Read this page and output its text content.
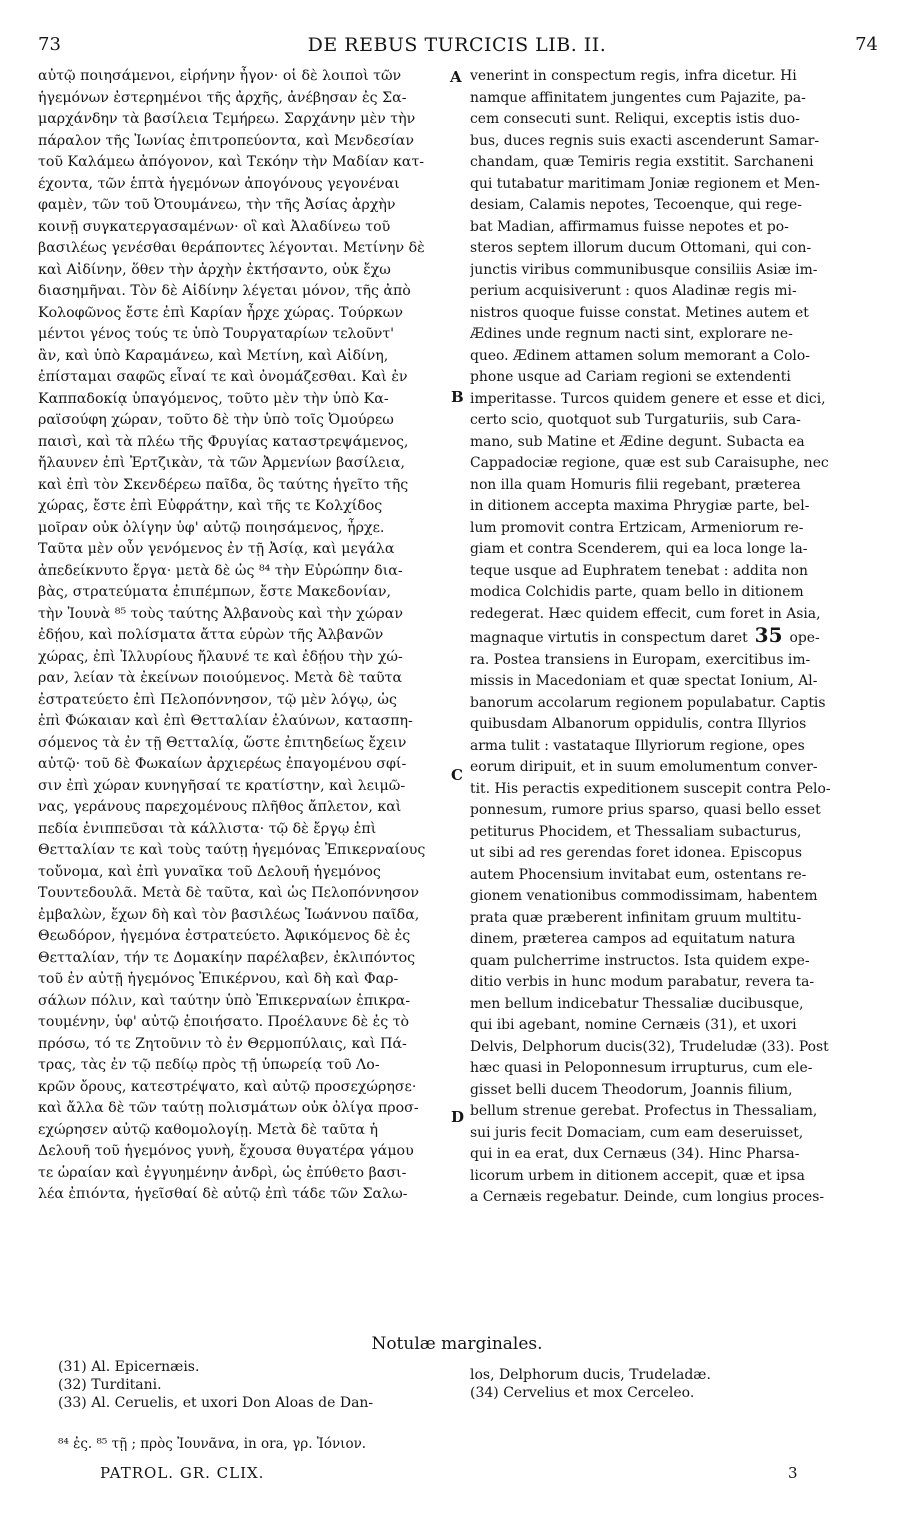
73	DE REBUS TURCICIS LIB. II.	74
A
B
C
D
αὐτῷ ποιησάμενοι, εἰρήνην ἦγον· οἱ δὲ λοιποὶ τῶν
ἡγεμόνων ἐστερημένοι τῆς ἀρχῆς, ἀνέβησαν ἐς Σα-
μαρχάνδην τὰ βασίλεια Τεμήρεω. Σαρχάνην μὲν τὴν
πάραλον τῆς Ἰωνίας ἐπιτροπεύοντα, καὶ Μενδεσίαν
τοῦ Καλάμεω ἀπόγονον, καὶ Τεκόην τὴν Μαδίαν κατ-
έχοντα, τῶν ἑπτὰ ἡγεμόνων ἀπογόνους γεγονέναι
φαμὲν, τῶν τοῦ Ὀτουμάνεω, τὴν τῆς Ἀσίας ἀρχὴν
κοινῇ συγκατεργασαμένων· οἳ καὶ Ἀλαδίνεω τοῦ
βασιλέως γενέσθαι θεράποντες λέγονται. Μετίνην δὲ
καὶ Αἰδίνην, ὅθεν τὴν ἀρχὴν ἐκτήσαντο, οὐκ ἔχω
διασημῆναι. Τὸν δὲ Αἰδίνην λέγεται μόνον, τῆς ἀπὸ
Κολοφῶνος ἔστε ἐπὶ Καρίαν ἦρχε χώρας. Τούρκων
μέντοι γένος τούς τε ὑπὸ Τουργαταρίων τελοῦντ'
ἂν, καὶ ὑπὸ Καραμάνεω, καὶ Μετίνη, καὶ Αἰδίνη,
ἐπίσταμαι σαφῶς εἶναί τε καὶ ὀνομάζεσθαι. Καὶ ἐν
Καππαδοκίᾳ ὑπαγόμενος, τοῦτο μὲν τὴν ὑπὸ Κα-
ραϊσούφη χώραν, τοῦτο δὲ τὴν ὑπὸ τοῖς Ὀμούρεω
παισὶ, καὶ τὰ πλέω τῆς Φρυγίας καταστρεψάμενος,
ἤλαυνεν ἐπὶ Ἐρτζικὰν, τὰ τῶν Ἀρμενίων βασίλεια,
καὶ ἐπὶ τὸν Σκενδέρεω παῖδα, ὃς ταύτης ἡγεῖτο τῆς
χώρας, ἔστε ἐπὶ Εὐφράτην, καὶ τῆς τε Κολχίδος
μοῖραν οὐκ ὀλίγην ὑφ' αὐτῷ ποιησάμενος, ἦρχε.
Ταῦτα μὲν οὖν γενόμενος ἐν τῇ Ἀσίᾳ, καὶ μεγάλα
ἀπεδείκνυτο ἔργα· μετὰ δὲ ὡς ⁸⁴ τὴν Εὐρώπην δια-
βὰς, στρατεύματα ἐπιπέμπων, ἔστε Μακεδονίαν,
τὴν Ἰουνὰ ⁸⁵ τοὺς ταύτης Ἀλβανοὺς καὶ τὴν χώραν
ἐδῄου, καὶ πολίσματα ἄττα εὑρὼν τῆς Ἀλβανῶν
χώρας, ἐπὶ Ἰλλυρίους ἤλαυνέ τε καὶ ἐδῄου τὴν χώ-
ραν, λείαν τὰ ἐκείνων ποιούμενος. Μετὰ δὲ ταῦτα
ἐστρατεύετο ἐπὶ Πελοπόννησον, τῷ μὲν λόγῳ, ὡς
ἐπὶ Φώκαιαν καὶ ἐπὶ Θετταλίαν ἐλαύνων, κατασπη-
σόμενος τὰ ἐν τῇ Θετταλίᾳ, ὥστε ἐπιτηδείως ἔχειν
αὐτῷ· τοῦ δὲ Φωκαίων ἀρχιερέως ἐπαγομένου σφί-
σιν ἐπὶ χώραν κυνηγῆσαί τε κρατίστην, καὶ λειμῶ-
νας, γεράνους παρεχομένους πλῆθος ἄπλετον, καὶ
πεδία ἐνιππεῦσαι τὰ κάλλιστα· τῷ δὲ ἔργῳ ἐπὶ
Θετταλίαν τε καὶ τοὺς ταύτῃ ἡγεμόνας Ἐπικερναίους
τοὔνομα, καὶ ἐπὶ γυναῖκα τοῦ Δελουῆ ἡγεμόνος
Τουντεδουλᾶ. Μετὰ δὲ ταῦτα, καὶ ὡς Πελοπόννησον
ἐμβαλὼν, ἔχων δὴ καὶ τὸν βασιλέως Ἰωάννου παῖδα,
Θεωδόρον, ἡγεμόνα ἐστρατεύετο. Ἀφικόμενος δὲ ἐς
Θετταλίαν, τήν τε Δομακίην παρέλαβεν, ἐκλιπόντος
τοῦ ἐν αὐτῇ ἡγεμόνος Ἐπικέρνου, καὶ δὴ καὶ Φαρ-
σάλων πόλιν, καὶ ταύτην ὑπὸ Ἐπικερναίων ἐπικρα-
τουμένην, ὑφ' αὐτῷ ἐποιήσατο. Προέλαυνε δὲ ἐς τὸ
πρόσω, τό τε Ζητοῦνιν τὸ ἐν Θερμοπύλαις, καὶ Πά-
τρας, τὰς ἐν τῷ πεδίῳ πρὸς τῇ ὑπωρείᾳ τοῦ Λο-
κρῶν ὄρους, κατεστρέψατο, καὶ αὐτῷ προσεχώρησε·
καὶ ἄλλα δὲ τῶν ταύτῃ πολισμάτων οὐκ ὀλίγα προσ-
εχώρησεν αὐτῷ καθομολογίῃ. Μετὰ δὲ ταῦτα ἡ
Δελουῆ τοῦ ἡγεμόνος γυνὴ, ἔχουσα θυγατέρα γάμου
τε ὡραίαν καὶ ἐγγυημένην ἀνδρὶ, ὡς ἐπύθετο βασι-
λέα ἐπιόντα, ἡγεῖσθαί δὲ αὐτῷ ἐπὶ τάδε τῶν Σαλω-
venerint in conspectum regis, infra dicetur. Hi
namque affinitatem jungentes cum Pajazite, pa-
cem consecuti sunt. Reliqui, exceptis istis duo-
bus, duces regnis suis exacti ascenderunt Samar-
chandam, quæ Temiris regia exstitit. Sarchaneni
qui tutabatur maritimam Joniæ regionem et Men-
desiam, Calamis nepotes, Tecoenque, qui rege-
bat Madian, affirmamus fuisse nepotes et po-
steros septem illorum ducum Ottomani, qui con-
junctis viribus communibusque consiliis Asiæ im-
perium acquisiverunt : quos Aladinæ regis mi-
nistros quoque fuisse constat. Metines autem et
Ædines unde regnum nacti sint, explorare ne-
queo. Ædinem attamen solum memorant a Colo-
phone usque ad Cariam regioni se extendenti
imperitasse. Turcos quidem genere et esse et dici,
certo scio, quotquot sub Turgaturiis, sub Cara-
mano, sub Matine et Ædine degunt. Subacta ea
Cappadociæ regione, quæ est sub Caraisuphe, nec
non illa quam Homuris filii regebant, præterea
in ditionem accepta maxima Phrygiæ parte, bel-
lum promovit contra Ertzicam, Armeniorum re-
giam et contra Scenderem, qui ea loca longe la-
teque usque ad Euphratem tenebat : addita non
modica Colchidis parte, quam bello in ditionem
redegerat. Hæc quidem effecit, cum foret in Asia,
magnaque virtutis in conspectum daret 35 ope-
ra. Postea transiens in Europam, exercitibus im-
missis in Macedoniam et quæ spectat Ionium, Al-
banorum accolarum regionem populabatur. Captis
quibusdam Albanorum oppidulis, contra Illyrios
arma tulit : vastataque Illyriorum regione, opes
eorum diripuit, et in suum emolumentum conver-
tit. His peractis expeditionem suscepit contra Pelo-
ponnesum, rumore prius sparso, quasi bello esset
petiturus Phocidem, et Thessaliam subacturus,
ut sibi ad res gerendas foret idonea. Episcopus
autem Phocensium invitabat eum, ostentans re-
gionem venationibus commodissimam, habentem
prata quæ præberent infinitam gruum multitu-
dinem, præterea campos ad equitatum natura
quam pulcherrime instructos. Ista quidem expe-
ditio verbis in hunc modum parabatur, revera ta-
men bellum indicebatur Thessaliæ ducibusque,
qui ibi agebant, nomine Cernæis (31), et uxori
Delvis, Delphorum ducis(32), Trudeludæ (33). Post
hæc quasi in Peloponnesum irrupturus, cum ele-
gisset belli ducem Theodorum, Joannis filium,
bellum strenue gerebat. Profectus in Thessaliam,
sui juris fecit Domaciam, cum eam deseruisset,
qui in ea erat, dux Cernæus (34). Hinc Pharsa-
licorum urbem in ditionem accepit, quæ et ipsa
a Cernæis regebatur. Deinde, cum longius proces-
Notulæ marginales.
(31) Al. Epicernæis.
(32) Turditani.
(33) Al. Ceruelis, et uxori Don Aloas de Dan-
los, Delphorum ducis, Trudeladæ.
(34) Cervelius et mox Cerceleo.
⁸⁴ ἐς. ⁸⁵ τῇ ; πρὸς Ἰουνᾶνα, in ora, γρ. Ἰόνιον.
PATROL. GR. CLIX.	3
